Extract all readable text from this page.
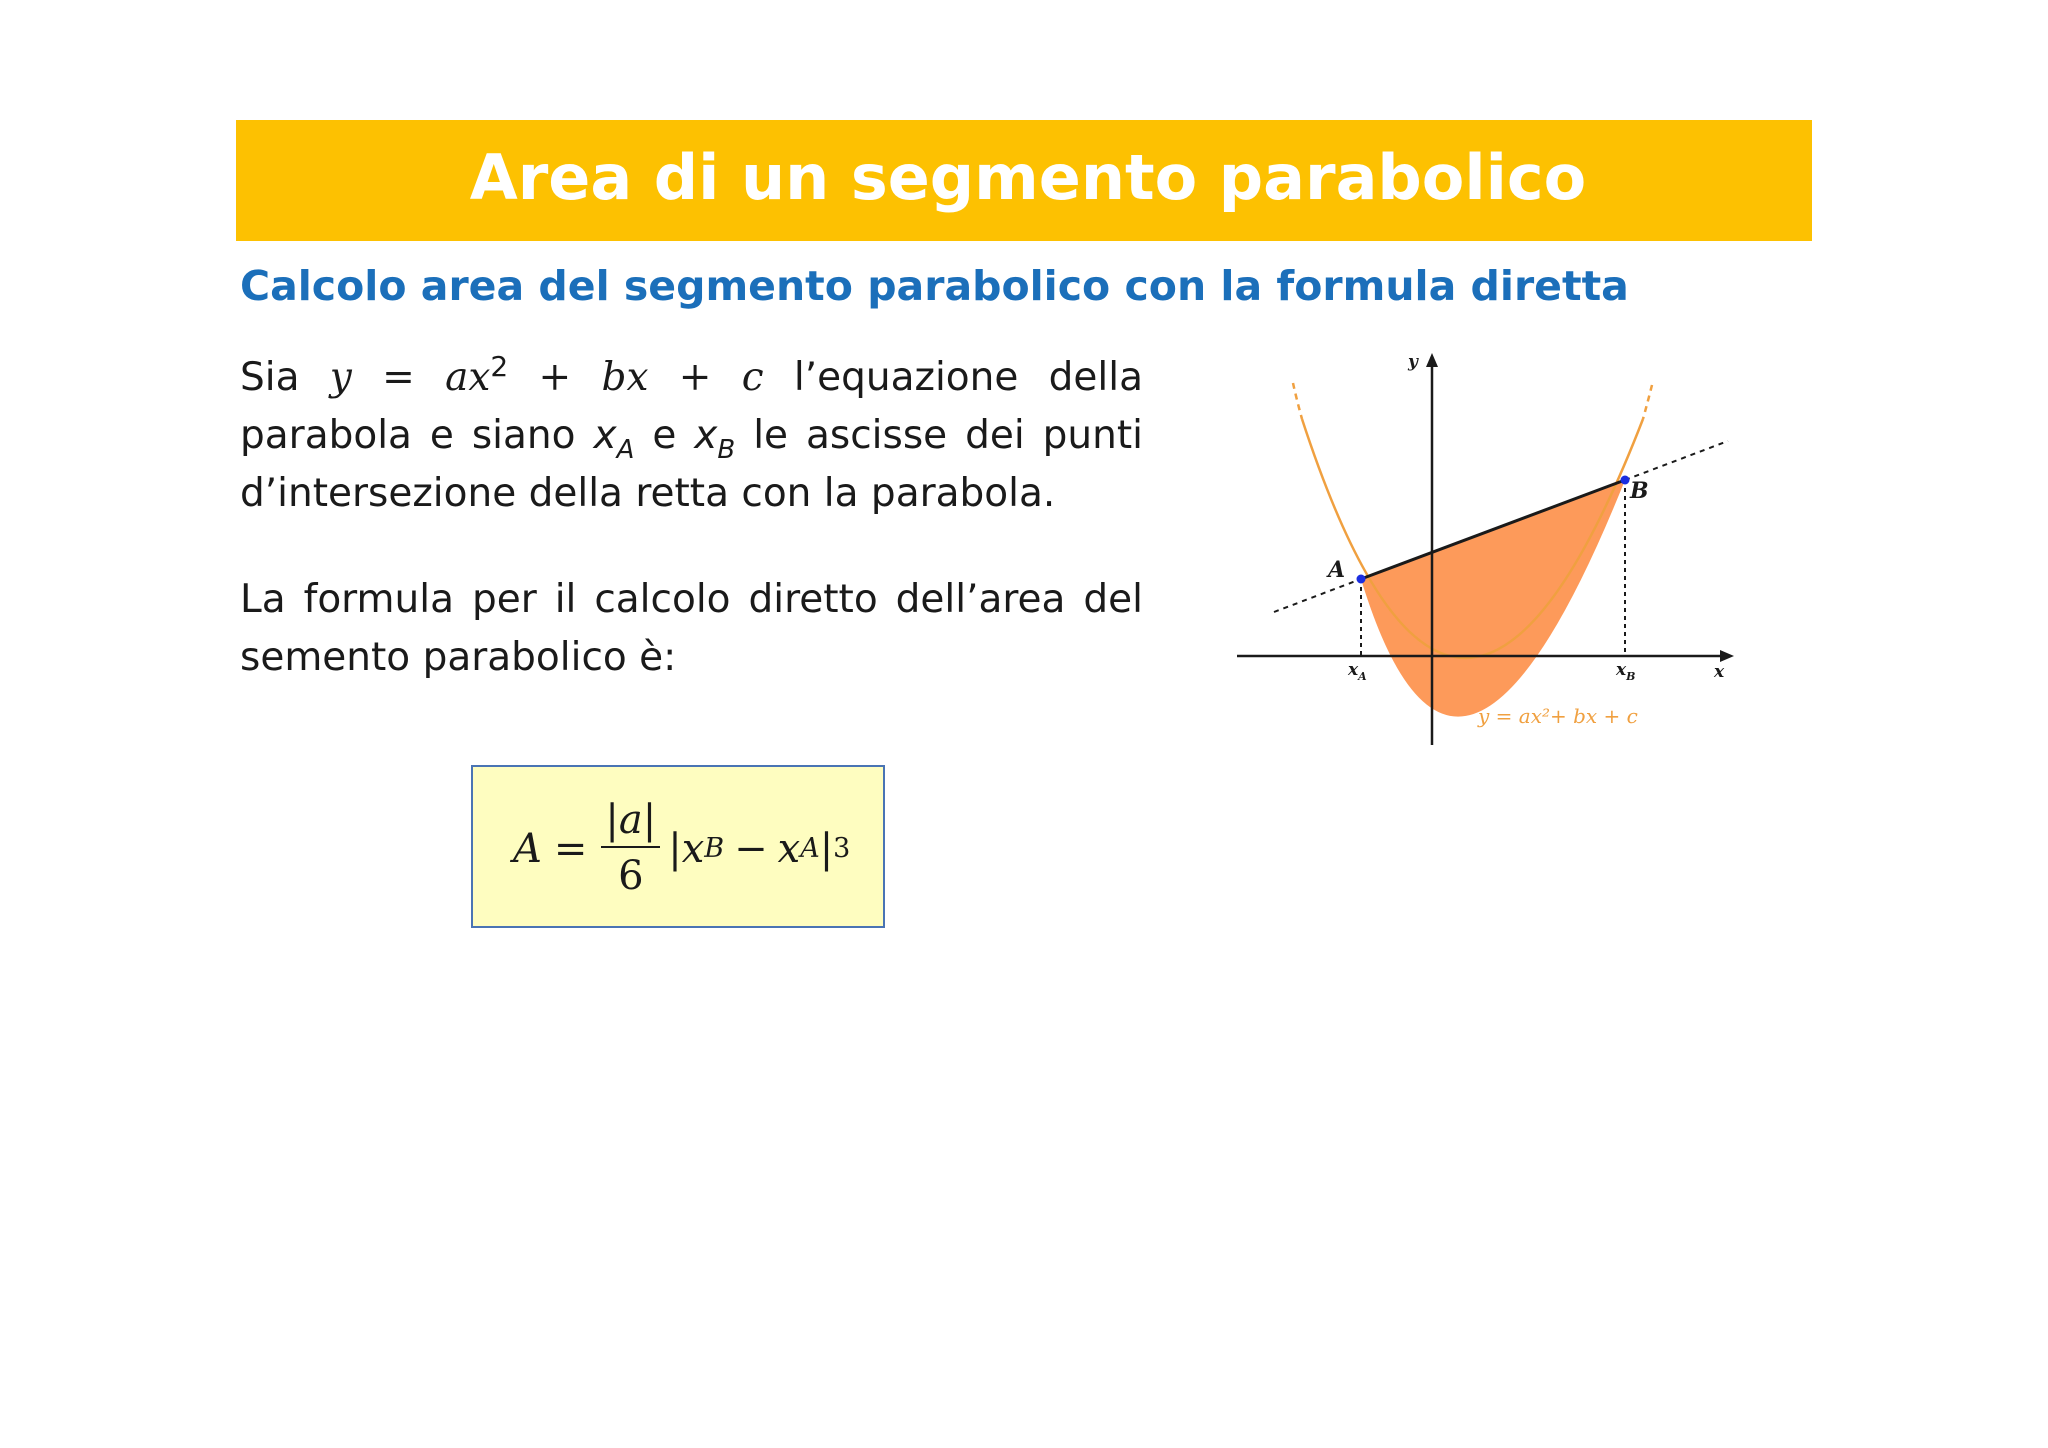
Area di un segmento parabolico
Calcolo area del segmento parabolico con la formula diretta
Sia $y = ax^2$ + bx + c l’equazione della
parabola e siano $x_A$ e $x_B$ le ascisse dei punti
d’intersezione della retta con la parabola.
La formula per il calcolo diretto dell’area del
semento parabolico è:
$A = \frac{|a|}{6}$ | x B − x A | 3
y
x
A
B
$x_A$	$x_B$
y = ax²+ bx + c
